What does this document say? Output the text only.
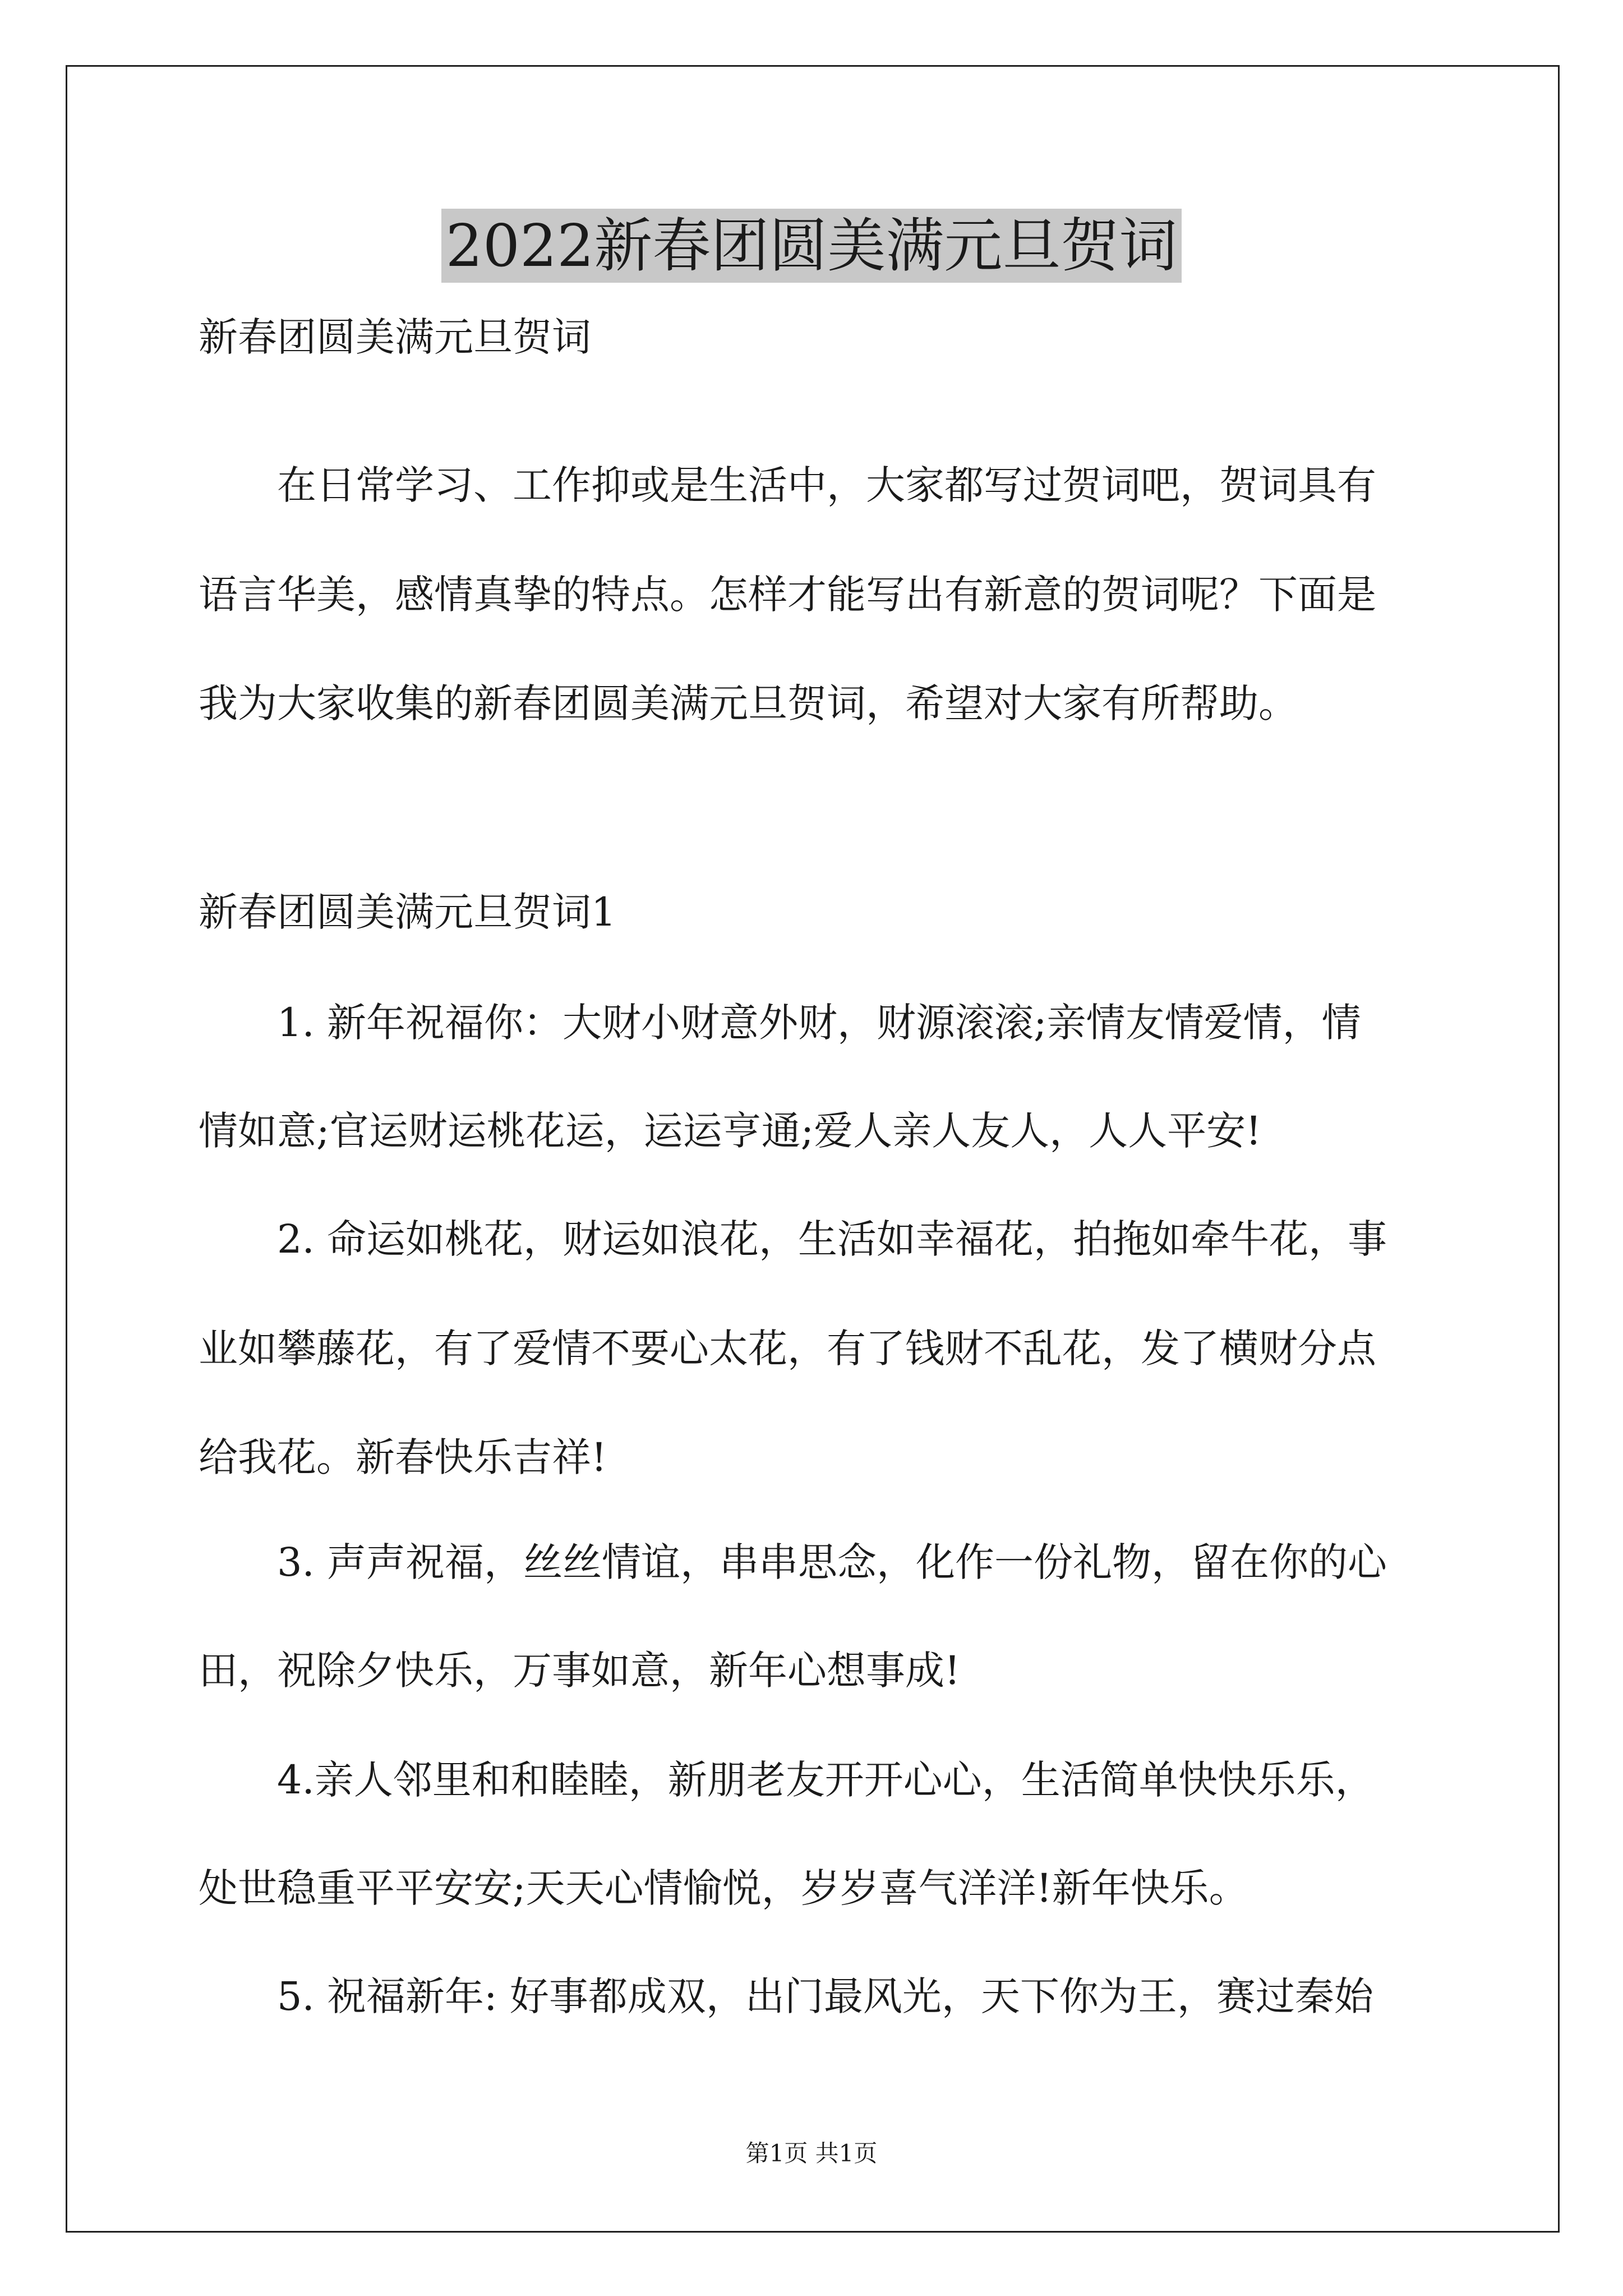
2022新春团圆美满元旦贺词
新春团圆美满元旦贺词
在日常学习、工作抑或是生活中，大家都写过贺词吧，贺词具有
语言华美，感情真挚的特点。怎样才能写出有新意的贺词呢？下面是
我为大家收集的新春团圆美满元旦贺词，希望对大家有所帮助。
新春团圆美满元旦贺词1
1. 新年祝福你：大财小财意外财，财源滚滚;亲情友情爱情，情
情如意;官运财运桃花运，运运亨通;爱人亲人友人，人人平安!
2. 命运如桃花，财运如浪花，生活如幸福花，拍拖如牵牛花，事
业如攀藤花，有了爱情不要心太花，有了钱财不乱花，发了横财分点
给我花。新春快乐吉祥!
3. 声声祝福，丝丝情谊，串串思念，化作一份礼物，留在你的心
田，祝除夕快乐，万事如意，新年心想事成!
4.亲人邻里和和睦睦，新朋老友开开心心，生活简单快快乐乐，
处世稳重平平安安;天天心情愉悦，岁岁喜气洋洋!新年快乐。
5. 祝福新年: 好事都成双，出门最风光，天下你为王，赛过秦始
第1页 共1页
